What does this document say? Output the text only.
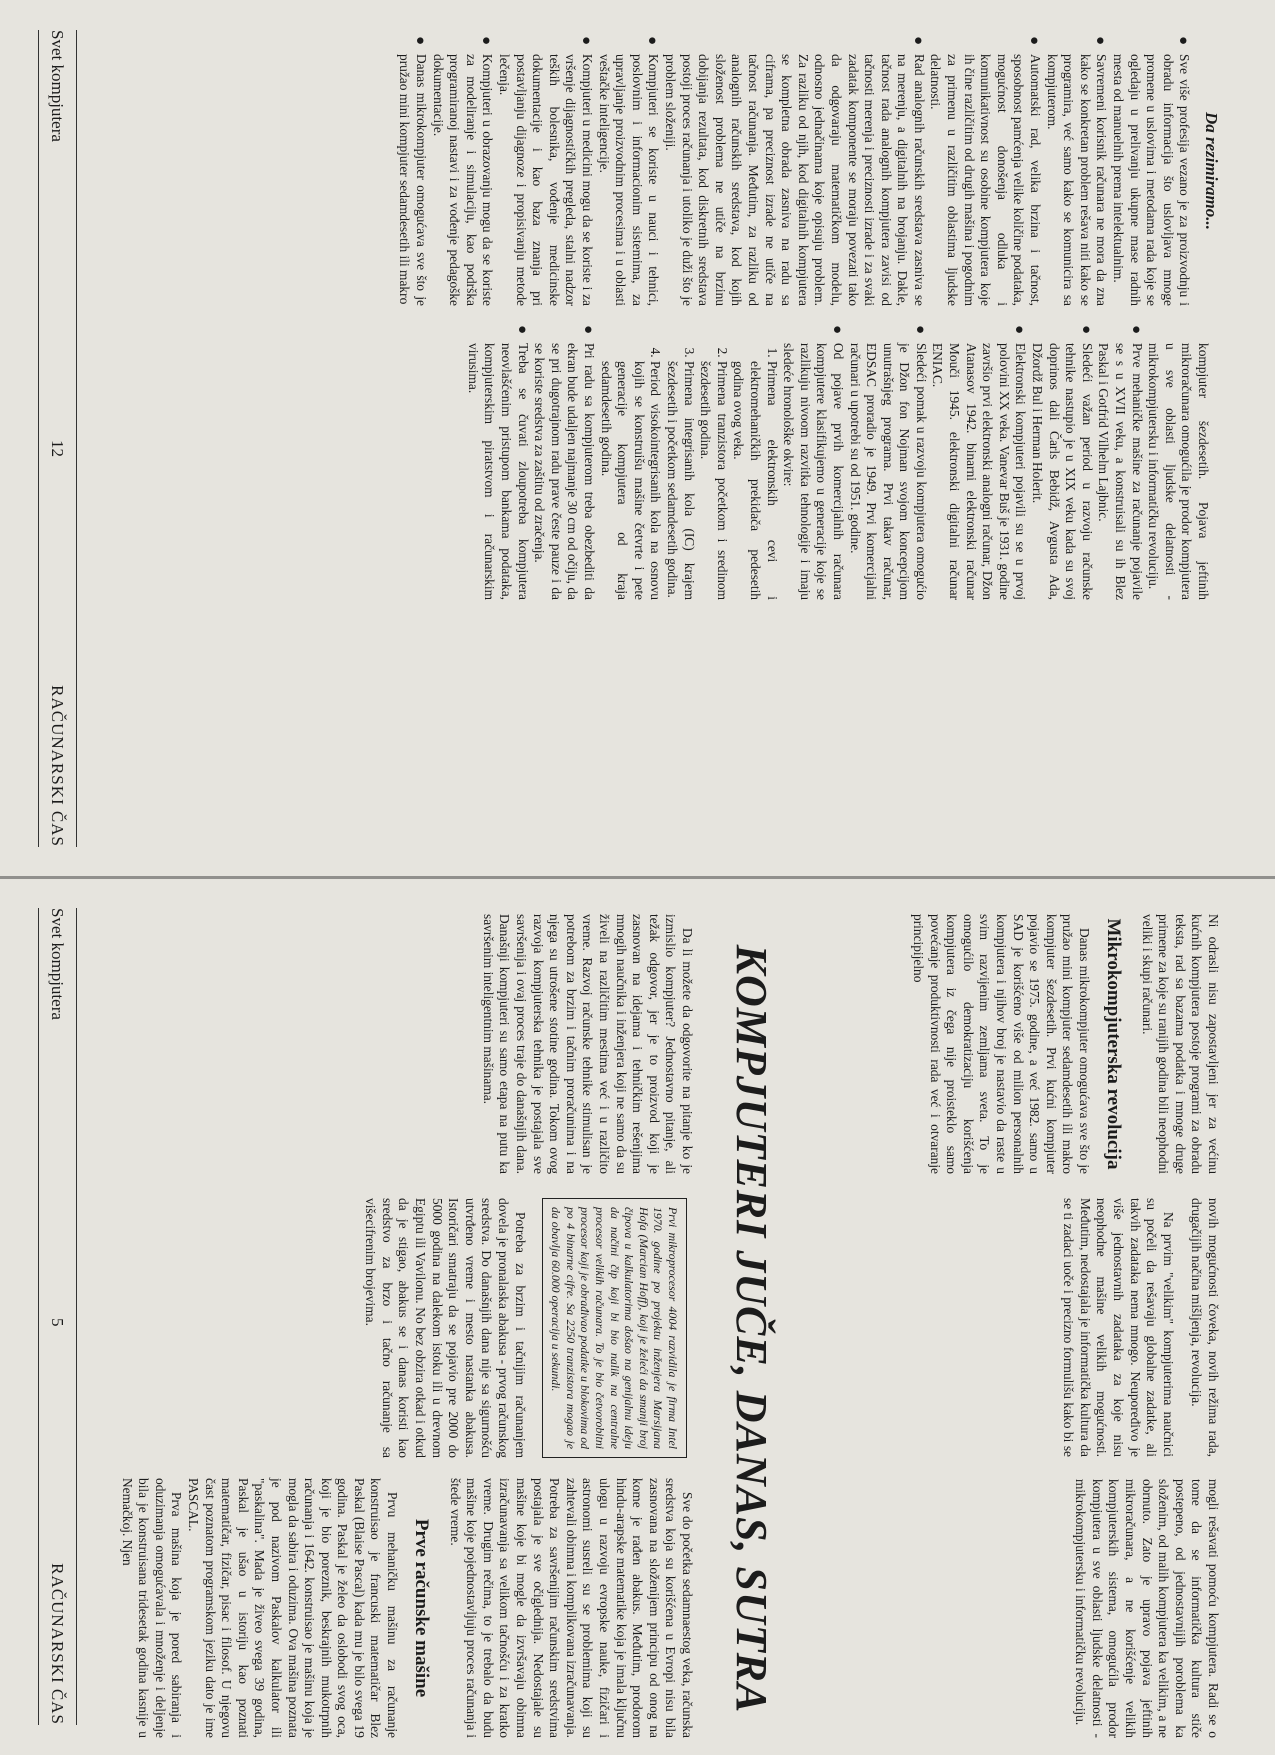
Da rezimiramo...
●
Sve više profesija vezano je za proizvodnju i obradu informacija što uslovljava mnoge promene u uslovima i metodama rada koje se ogledaju u prelivanju ukupne mase radnih mesta od manuelnih prema intelektualnim.
●
Savremeni korisnik računara ne mora da zna kako se konkretan problem rešava niti kako se programira, već samo kako se komunicira sa kompjuterom.
●
Automatski rad, velika brzina i tačnost, sposobnost pamćenja velike količine podataka, mogućnost donošenja odluka i komunikativnost su osobine kompjutera koje ih čine različitim od drugih mašina i pogodnim za primenu u različitim oblastima ljudske delatnosti.
●
Rad analognih računskih sredstava zasniva se na merenju, a digitalnih na brojanju. Dakle, tačnost rada analognih kompjutera zavisi od tačnosti merenja i preciznosti izrade i za svaki zadatak komponente se moraju povezati tako da odgovaraju matematičkom modelu, odnosno jednačinama koje opisuju problem. Za razliku od njih, kod digitalnih kompjutera se kompletna obrada zasniva na radu sa ciframa, pa preciznost izrade ne utiče na tačnost računanja. Međutim, za razliku od analognih računskih sredstava, kod kojih složenost problema ne utiče na brzinu dobijanja rezultata, kod diskretnih sredstava postoji proces računanja i utoliko je duži što je problem složeniji.
●
Kompjuteri se koriste u nauci i tehnici, poslovnim i informacionim sistemima, za upravljanje proizvodnim procesima i u oblasti veštačke inteligencije.
●
Kompjuteri u medicini mogu da se koriste i za vršenje dijagnostičkih pregleda, stalni nadzor teških bolesnika, vođenje medicinske dokumentacije i kao baza znanja pri postavljanju dijagnoze i propisivanju metode lečenja.
●
Kompjuteri u obrazovanju mogu da se koriste za modeliranje i simulaciju, kao podrška programiranoj nastavi i za vođenje pedagoške dokumentacije.
●
Danas mikrokompjuter omogućava sve što je pružao mini kompjuter sedamdesetih ili makro

kompjuter šezdesetih. Pojava jeftinih mikroračunara omogućila je prodor kompjutera u sve oblasti ljudske delatnosti - mikrokompjutersku i informatičku revoluciju.

●
Prve mehaničke mašine za računanje pojavile se s u XVII veku, a konstruisali su ih Blez Paskal i Gotfrid Vilhelm Lajbnic.
●
Sledeći važan period u razvoju računske tehnike nastupio je u XIX veku kada su svoj doprinos dali Čarls Bebidž, Avgusta Ada, Džordž Bul i Herman Holerit.
●
Elektronski kompjuteri pojavili su se u prvoj polovini XX veka. Vanevar Buš je 1931. godine završio prvi elektronski analogni računar, Džon Atanasov 1942. binarni elektronski računar Mouči 1945. elektronski digitalni računar ENIAC.
●
Sledeći pomak u razvoju kompjutera omogućio je Džon fon Nojman svojom koncepcijom unutrašnjeg programa. Prvi takav računar, EDSAC proradio je 1949. Prvi komercijalni računari u upotrebi su od 1951. godine.
●
Od pojave prvih komercijalnih računara kompjutere klasifikujemo u generacije koje se razlikuju nivoom razvitka tehnologije i imaju sledeće hronološke okvire:
1. Primena elektronskih cevi i elektromehaničkih prekidača pedesetih godina ovog veka.
2. Primena tranzistora početkom i sredinom šezdesetih godina.
3. Primena integrisanih kola (IC) krajem šezdesetih i početkom sedamdesetih godina.
4. Period visokointegrisanih kola na osnovu kojih se konstruišu mašine četvrte i pete generacije kompjutera od kraja sedamdesetih godina.
●
Pri radu sa kompjuterom treba obezbediti da ekran bude udaljen najmanje 30 cm od očiju, da se pri dugotrajnom radu prave česte pauze i da se koriste sredstva za zaštitu od zračenja.
●
Treba se čuvati zloupotreba kompjutera neovlašćenim pristupom bankama podataka, kompjuterskim piratstvom i računarskim virusima.
Svet kompjutera
12
RAČUNARSKI ČAS

Ni odrasli nisu zapostavljeni jer za većinu kućnih kompjutera postoje programi za obradu teksta, rad sa bazama podatka i mnoge druge primene za koje su ranijih godina bili neophodni veliki i skupi računari.

Mikrokompjuterska revolucija

Danas mikrokompjuter omogućava sve što je pružao mini kompjuter sedamdesetih ili makro kompjuter šezdesetih. Prvi kućni kompjuter pojavio se 1975. godine, a već 1982. samo u SAD je korišćeno više od milion personalnih kompjutera i njihov broj je nastavio da raste u svim razvijenim zemljama sveta. To je omogućilo demokratizaciju korišćenja kompjutera iz čega nije proisteklo samo povećanje produktivnosti rada već i otvaranje principijelno

novih mogućnosti čoveka, novih režima rada, drugačijih načina mišljenja, revolucija.

Na prvim "velikim" kompjuterima naučnici su počeli da rešavaju globalne zadatke, ali takvih zadataka nema mnogo. Neupoređivo je više jednostavnih zadataka za koje nisu neophodne mašine velikih mogućnosti. Međutim, nedostajala je informatička kultura da se ti zadaci uoče i precizno formulišu kako bi se mogli rešavati pomoću kompjutera. Radi se o tome da se informatička kultura stiče postepeno, od jednostavnijih poroblema ka složenim, od malih kompjutera ka velikim, a ne obrnuto. Zato je upravo pojava jeftinih mikroračunara, a ne korišćenje velikih kompjuterskih sistema, omogućila prodor kompjutera u sve oblasti ljudske delatnosti - mikrokompjutersku i informatičku revoluciju.

KOMPJUTERI JUČE, DANAS, SUTRA

Da li možete da odgovorite na pitanje ko je izmislio kompjuter? Jednostavno pitanje, ali težak odgovor, jer je to proizvod koji je zasnovan na idejama i tehničkim rešenjima mnogih naučnika i inženjera koji ne samo da su živeli na različitim mestima već i u različito vreme. Razvoj računske tehnike stimulisan je potrebom za brzim i tačnim proračunima i na njega su utrošene stotine godina. Tokom ovog razvoja kompjuterska tehnika je postajala sve savršenija i ovaj proces traje do današnjih dana. Današnji kompjuteri su samo etapa na putu ka savršenim inteligentnim mašinama.

Prvi mikroprocesor 4004 razvidila je firma Intel 1970. godine po projektu inženjera Marsijana Hofa (Marcian Hoff), koji je želeći da smanji broj čipova u kalkulatorima došao na genijalnu ideju da načini čip koji bi bio nalik na centralne procesor velikih računara. To je bio četvorobitni procesor koji je obrađivao podatke u blokovima od po 4 binarne cifre. Sa 2250 tranzistora mogao je da obavlja 60.000 operacija u sekundi.

Potreba za brzim i tačnijim računanjem dovela je pronalaska abakusa - prvog računskog sredstva. Do današnjih dana nije sa sigurnošću utvrđeno vreme i mesto nastanka abakusa. Istoričari smatraju da se pojavio pre 2000 do 5000 godina na dalekom istoku ili u drevnom Egiptu ili Vavilonu. No bez obzira otkad i otkud da je stigao, abakus se i danas koristi kao sredstvo za brzo i tačno računanje sa višecifrenim brojevima.

Sve do početka sedamnaestog veka, računska sredstva koja su korišćena u Evropi nisu bila zasnovana na složenijem principu od onog na kome je rađen abakus. Međutim, prodorom hindu-arapske matematike koja je imala ključnu ulogu u razvoju evropske nauke, fizičari i astronomi susreli su se problemima koji su zahtevali obimna i komplikovana izračunavanja. Potreba za savršenijim računskim sredstvima postajala je sve očiglednija. Nedostajale su mašine koje bi mogle da izvršavaju obimna izračunavanja sa velikom tačnošću i za kratko vreme. Drugim rečima, to je trebalo da budu mašine koje pojednostavljuju proces računanja i štede vreme.

Prve računske mašine

Prvu mehaničku mašinu za računanje konstruisao je francuski matematičar Blez Paskal (Blaise Pascal) kada mu je bilo svega 19 godina. Paskal je želeo da oslobodi svog oca, koji je bio poreznik, beskrajnih mukotrpnih računanja i 1642. konstruisao je mašinu koja je mogla da sabira i oduzima. Ova mašina poznata je pod nazivom Paskalov kalkulator ili "paskalina". Mada je živeo svega 39 godina, Paskal je ušao u istoriju kao poznati matematičar, fizičar, pisac i filosof. U njegovu čast poznatom programskom jeziku dato je ime PASCAL.

Prva mašina koja je pored sabiranja i oduzimanja omogućavala i množenje i deljenje bila je konstruisana tridesetak godina kasnije u Nemačkoj. Njen

Svet kompjutera
5
RAČUNARSKI ČAS
